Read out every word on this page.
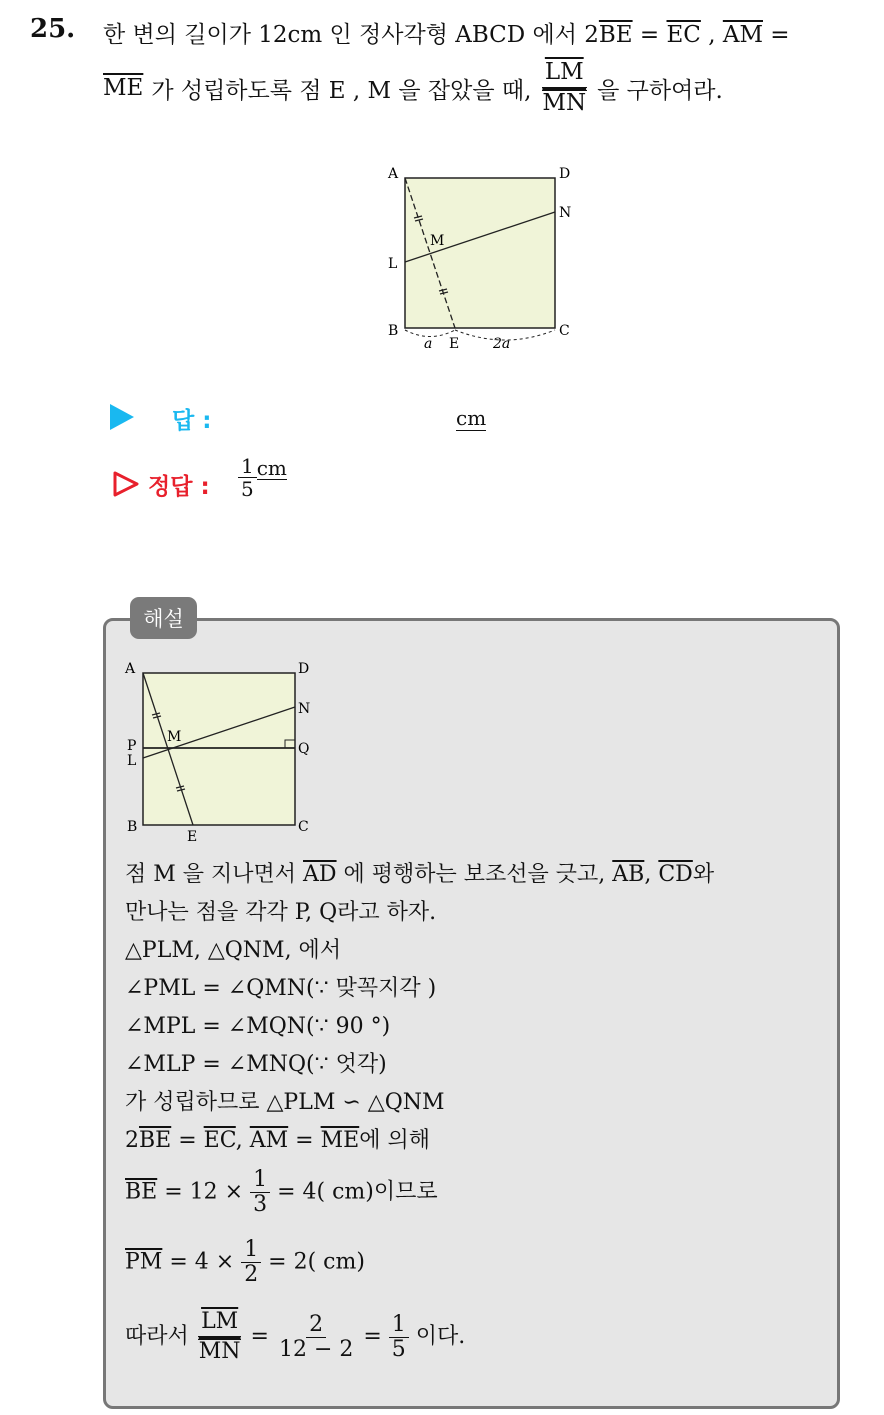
25. 한 변의 길이가 12cm 인 정사각형 ABCD 에서 $2\overline{BE} = \overline{EC}$ , $\overline{AM}$ =
$\overline{ME}$ 가 성립하도록 점 E , M 을 잡았을 때, $\frac{\overline{LM}}{MN}$ 을 구하여라.
A	D
N
M
L
B
E
C
a	2a
답 :	cm
정답 : $\frac{1}{5}$ cm
해설
A	D
N
M
P
L
Q
B
E
C
점 M 을 지나면서 $\overline{AD}$ 에 평행하는 보조선을 긋고, $\overline{AB}$, $\overline{CD}$와
만나는 점을 각각 P, Q라고 하자.
△PLM, △QNM, 에서
∠PML = ∠QMN(∵ 맞꼭지각 )
∠MPL = ∠MQN(∵ 90 °)
∠MLP = ∠MNQ(∵ 엇각)
가 성립하므로 △PLM ∽ △QNM
$2\overline{BE} = \overline{EC}$, $\overline{AM} = \overline{ME}$에 의해
$\overline{BE} = 12 \times \frac{1}{3} = 4$( cm)이므로
$\overline{PM} = 4 \times \frac{1}{2} = 2$( cm)
따라서 $\frac{\overline{LM}}{MN} = \frac{2}{12 - 2} = \frac{1}{5}$ 이다.
